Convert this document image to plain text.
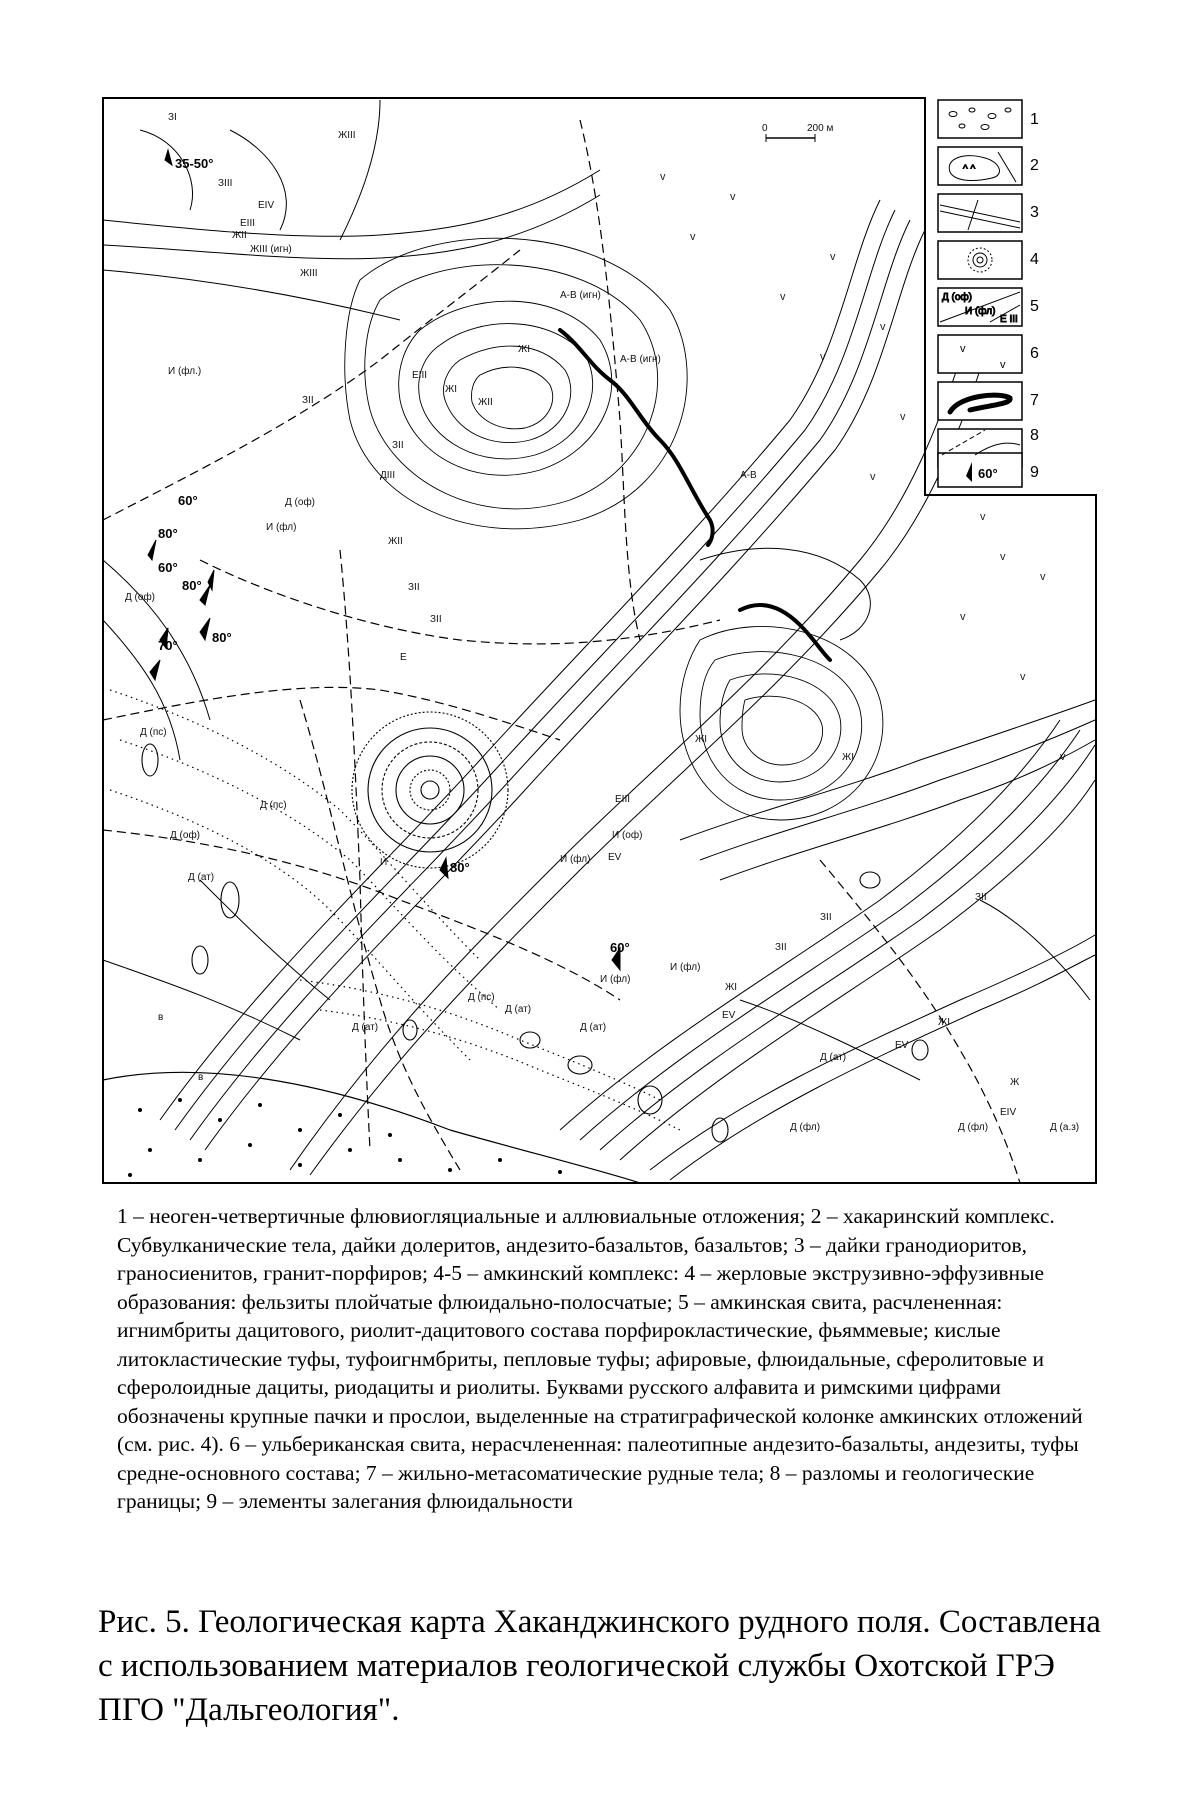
0	200 м
v
v
v
v
v
v
v
v
v
v
v
v
v
v
v
35-50°
60°
80°
60°
80°
70°
80°
80°
60°
ЗI
ЖIII
ЗIII
ЕIV
ЕIII
ЖII
ЖIII (игн)
ЖIII
И (фл.)
ЗII
ЖI
ЖI
ЖII
ЕIII
А-В (игн)
А-В (игн)
А-В
ЗII
ДIII
Д (оф)
Д (оф)
ЗII
И (фл)
ЖII
Е
ЗII
Д (пс)
Д (оф)
Д (пс)
Д (ат)
И	И (фл)
ЕIII
И (оф)
ЕV
ЖI
ЖI
И (фл)
И (фл)
ЗII
в
Д (ат)
Д (пс)
Д (ат)
в
Д (ат)
Д (фл)
ЕV
ЖI
ЗII
ЕV
Д (ат)
Д (фл)	Д (а.з)
ЕIV
ЖI
ЗII
Ж
^ ^
Д (оф)
И (фл)
Е III
v
v
60°
1
2
3
4
5
6
7
8
9
1 – неоген-четвертичные флювиогляциальные и аллювиальные отложения; 2 – хакаринский комплекс. Субвулканические тела, дайки долеритов, андезито-базальтов, базальтов; 3 – дайки гранодиоритов, граносиенитов, гранит-порфиров; 4-5 – амкинский комплекс: 4 – жерловые экструзивно-эффузивные образования: фельзиты плойчатые флюидально-полосчатые; 5 – амкинская свита, расчлененная: игнимбриты дацитового, риолит-дацитового состава порфирокластические, фьяммевые; кислые литокластические туфы, туфоигнмбриты, пепловые туфы; афировые, флюидальные, сферолитовые и сферолоидные дациты, риодациты и риолиты. Буквами русского алфавита и римскими цифрами обозначены крупные пачки и прослои, выделенные на стратиграфической колонке амкинских отложений (см. рис. 4). 6 – ульбериканская свита, нерасчлененная: палеотипные андезито-базальты, андезиты, туфы средне-основного состава; 7 – жильно-метасоматические рудные тела; 8 – разломы и геологические границы; 9 – элементы залегания флюидальности
Рис. 5. Геологическая карта Хаканджинского рудного поля. Составлена с использованием материалов геологической службы Охотской ГРЭ ПГО "Дальгеология".
